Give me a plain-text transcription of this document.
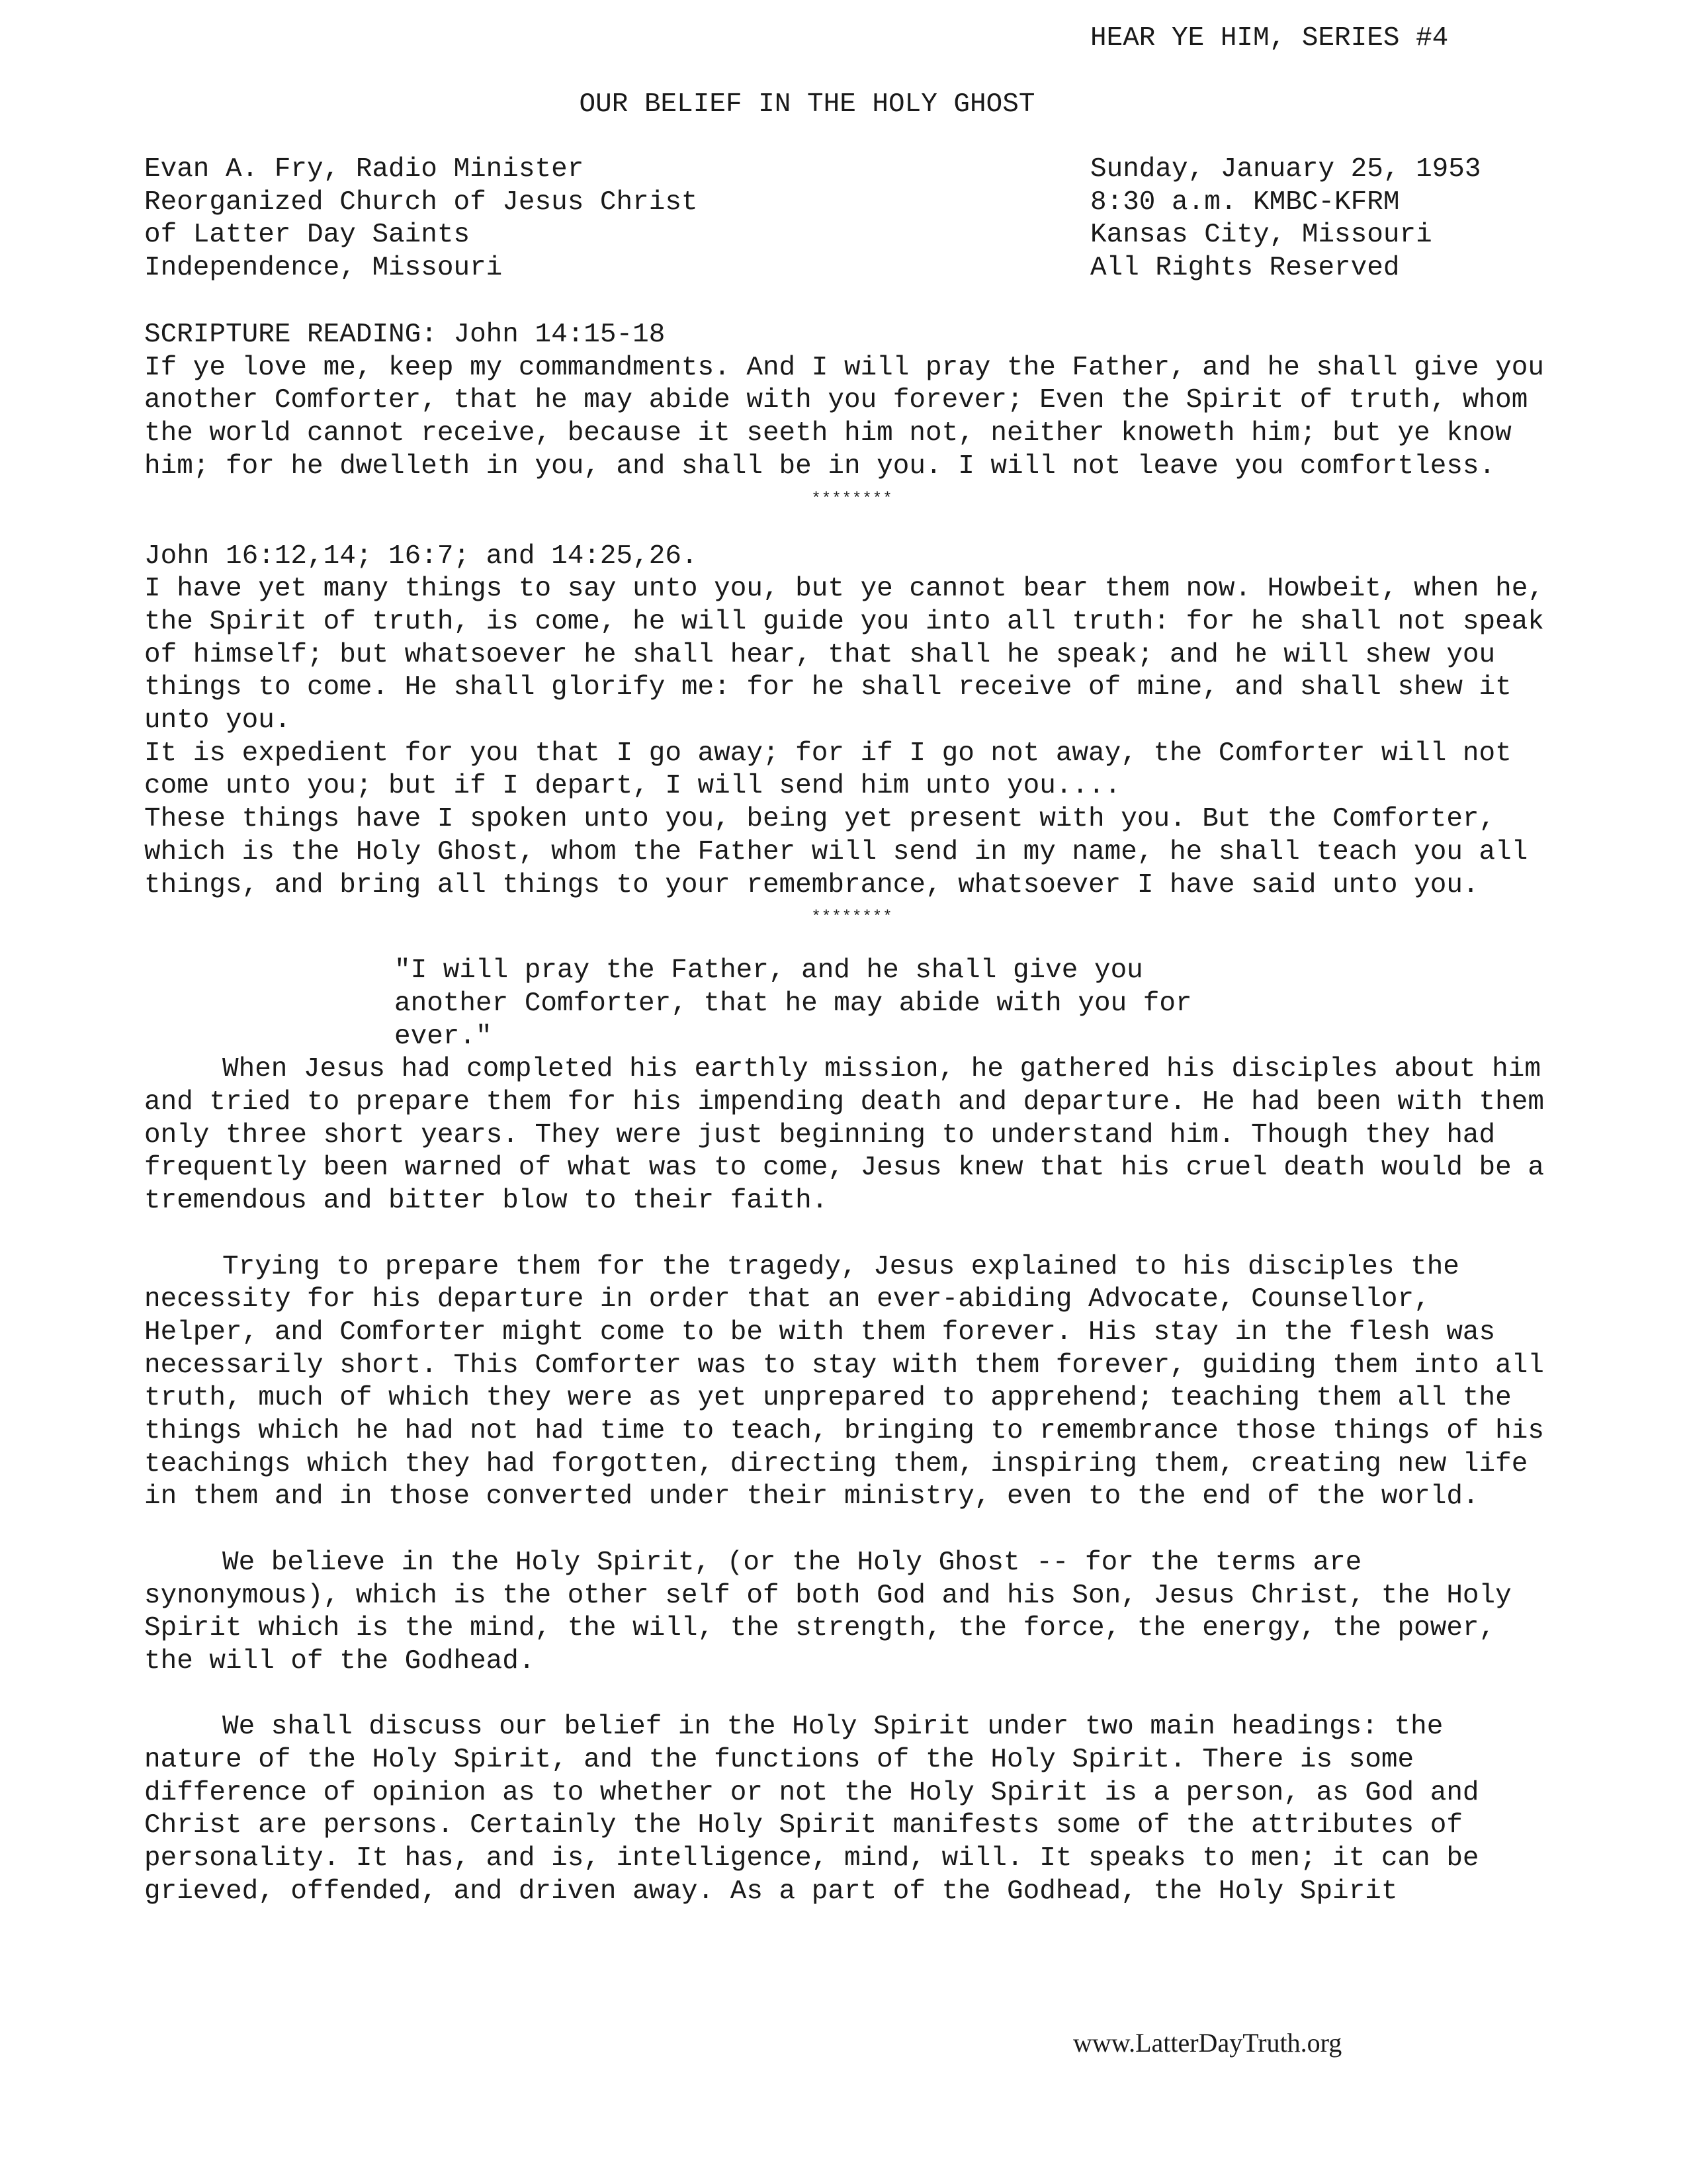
HEAR YE HIM, SERIES #4
OUR BELIEF IN THE HOLY GHOST
Evan A. Fry, Radio Minister
Reorganized Church of Jesus Christ
of Latter Day Saints
Independence, Missouri
Sunday, January 25, 1953
8:30 a.m. KMBC-KFRM
Kansas City, Missouri
All Rights Reserved

SCRIPTURE READING: John 14:15-18
If ye love me, keep my commandments. And I will pray the Father, and he shall give you another Comforter, that he may abide with you forever; Even the Spirit of truth, whom the world cannot receive, because it seeth him not, neither knoweth him; but ye know him; for he dwelleth in you, and shall be in you. I will not leave you comfortless.

********
John 16:12,14; 16:7; and 14:25,26.

I have yet many things to say unto you, but ye cannot bear them now. Howbeit, when he, the Spirit of truth, is come, he will guide you into all truth: for he shall not speak of himself; but whatsoever he shall hear, that shall he speak; and he will shew you things to come. He shall glorify me: for he shall receive of mine, and shall shew it unto you.

It is expedient for you that I go away; for if I go not away, the Comforter will not come unto you; but if I depart, I will send him unto you....

These things have I spoken unto you, being yet present with you. But the Comforter, which is the Holy Ghost, whom the Father will send in my name, he shall teach you all things, and bring all things to your remembrance, whatsoever I have said unto you.

********

"I will pray the Father, and he shall give you another Comforter, that he may abide with you for ever."

When Jesus had completed his earthly mission, he gathered his disciples about him and tried to prepare them for his impending death and departure. He had been with them only three short years. They were just beginning to understand him. Though they had frequently been warned of what was to come, Jesus knew that his cruel death would be a tremendous and bitter blow to their faith.

Trying to prepare them for the tragedy, Jesus explained to his disciples the necessity for his departure in order that an ever-abiding Advocate, Counsellor, Helper, and Comforter might come to be with them forever. His stay in the flesh was necessarily short. This Comforter was to stay with them forever, guiding them into all truth, much of which they were as yet unprepared to apprehend; teaching them all the things which he had not had time to teach, bringing to remembrance those things of his teachings which they had forgotten, directing them, inspiring them, creating new life in them and in those converted under their ministry, even to the end of the world.

We believe in the Holy Spirit, (or the Holy Ghost -- for the terms are synonymous), which is the other self of both God and his Son, Jesus Christ, the Holy Spirit which is the mind, the will, the strength, the force, the energy, the power, the will of the Godhead.

We shall discuss our belief in the Holy Spirit under two main headings: the nature of the Holy Spirit, and the functions of the Holy Spirit. There is some difference of opinion as to whether or not the Holy Spirit is a person, as God and Christ are persons. Certainly the Holy Spirit manifests some of the attributes of personality. It has, and is, intelligence, mind, will. It speaks to men; it can be grieved, offended, and driven away. As a part of the Godhead, the Holy Spirit

www.LatterDayTruth.org
